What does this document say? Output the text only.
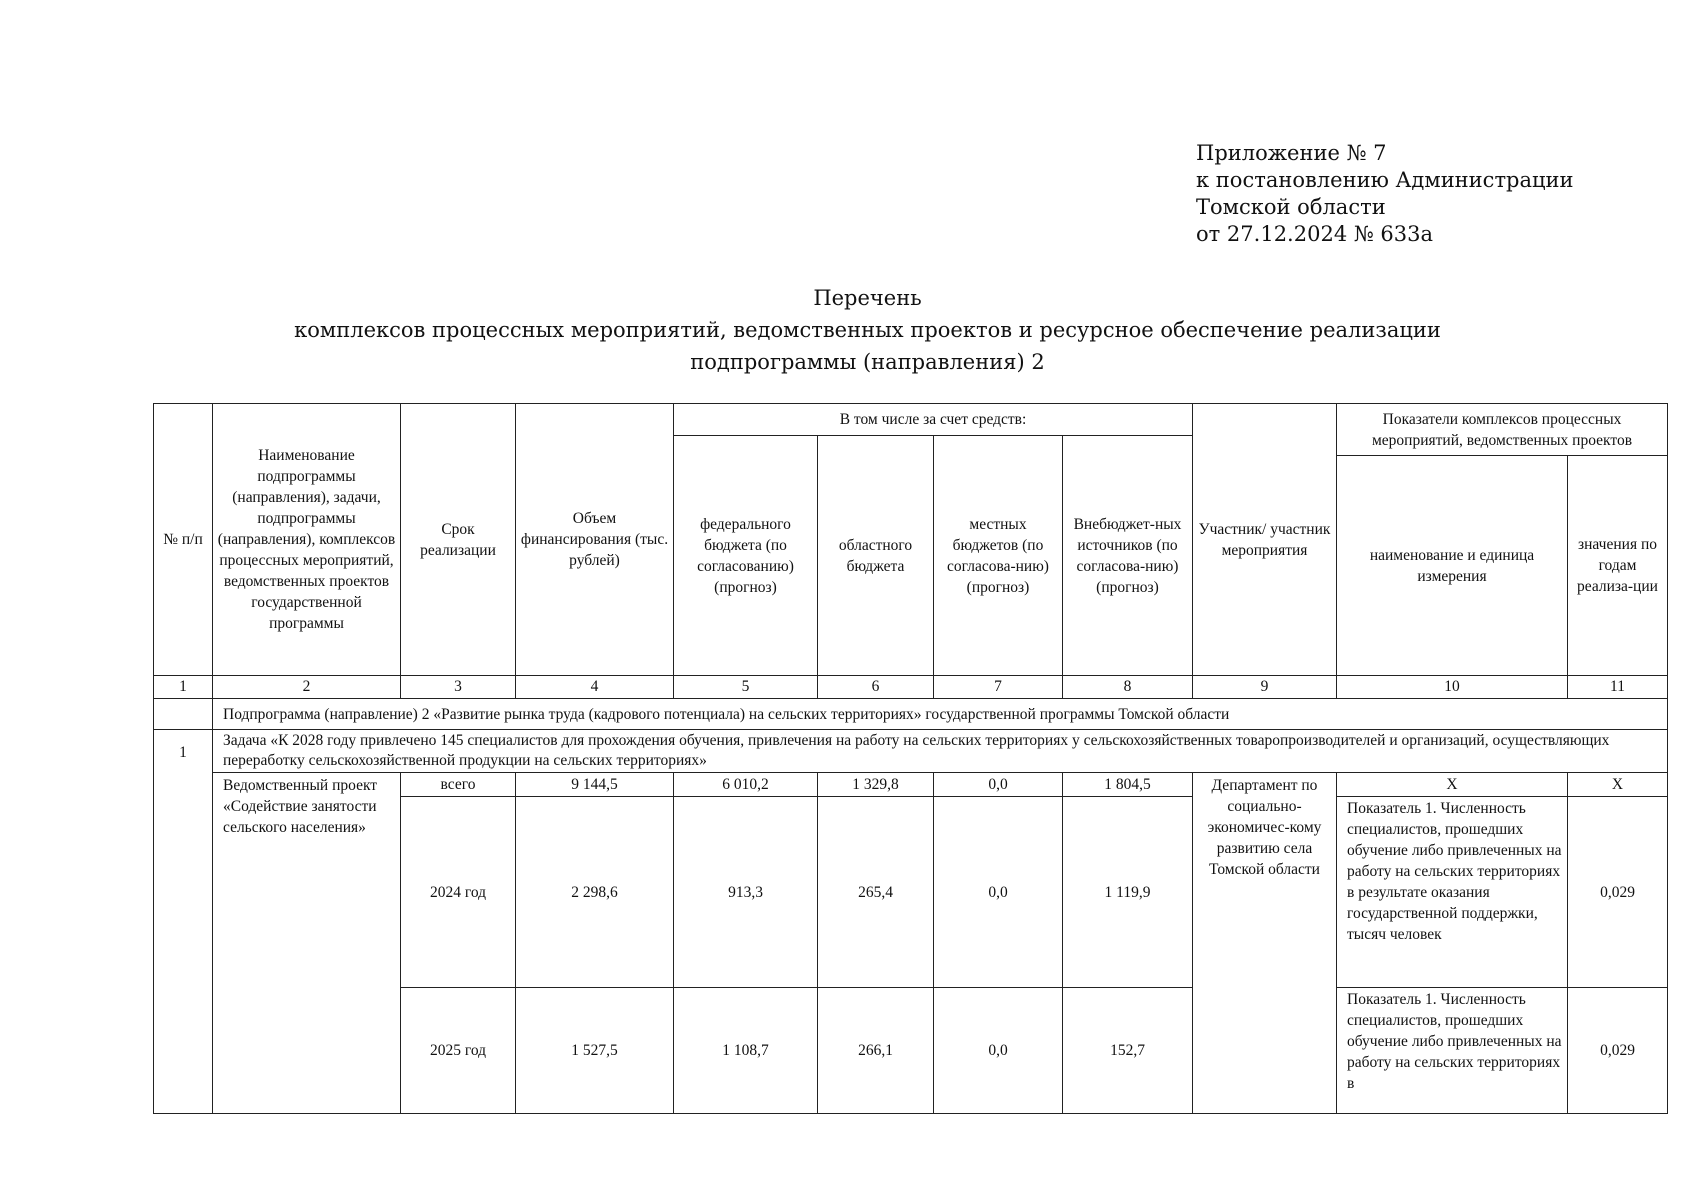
Приложение № 7
к постановлению Администрации
Томской области
от 27.12.2024 № 633а
Перечень
комплексов процессных мероприятий, ведомственных проектов и ресурсное обеспечение реализации
подпрограммы (направления) 2
№ п/п	Наименование подпрограммы (направления), задачи, подпрограммы (направления), комплексов процессных мероприятий, ведомственных проектов государственной программы	Срок реализации	Объем финансирования (тыс. рублей)	В том числе за счет средств:				Участник/ участник мероприятия	Показатели комплексов процессных мероприятий, ведомственных проектов	
				федерального бюджета (по согласованию) (прогноз)	областного бюджета	местных бюджетов (по согласова-нию) (прогноз)	Внебюджет-ных источников (по согласова-нию) (прогноз)			
									наименование и единица измерения	значения по годам реализа-ции
1	2	3	4	5	6	7	8	9	10	11
	Подпрограмма (направление) 2 «Развитие рынка труда (кадрового потенциала) на сельских территориях» государственной программы Томской области									
1	Задача «К 2028 году привлечено 145 специалистов для прохождения обучения, привлечения на работу на сельских территориях у сельскохозяйственных товаропроизводителей и организаций, осуществляющих переработку сельскохозяйственной продукции на сельских территориях»									
	Ведомственный проект «Содействие занятости сельского населения»	всего	9 144,5	6 010,2	1 329,8	0,0	1 804,5	Департамент по социально-экономичес-кому развитию села Томской области	Х	Х
		2024 год	2 298,6	913,3	265,4	0,0	1 119,9		Показатель 1. Численность специалистов, прошедших обучение либо привлеченных на работу на сельских территориях в результате оказания государственной поддержки, тысяч человек	0,029
		2025 год	1 527,5	1 108,7	266,1	0,0	152,7		Показатель 1. Численность специалистов, прошедших обучение либо привлеченных на работу на сельских территориях в	0,029
